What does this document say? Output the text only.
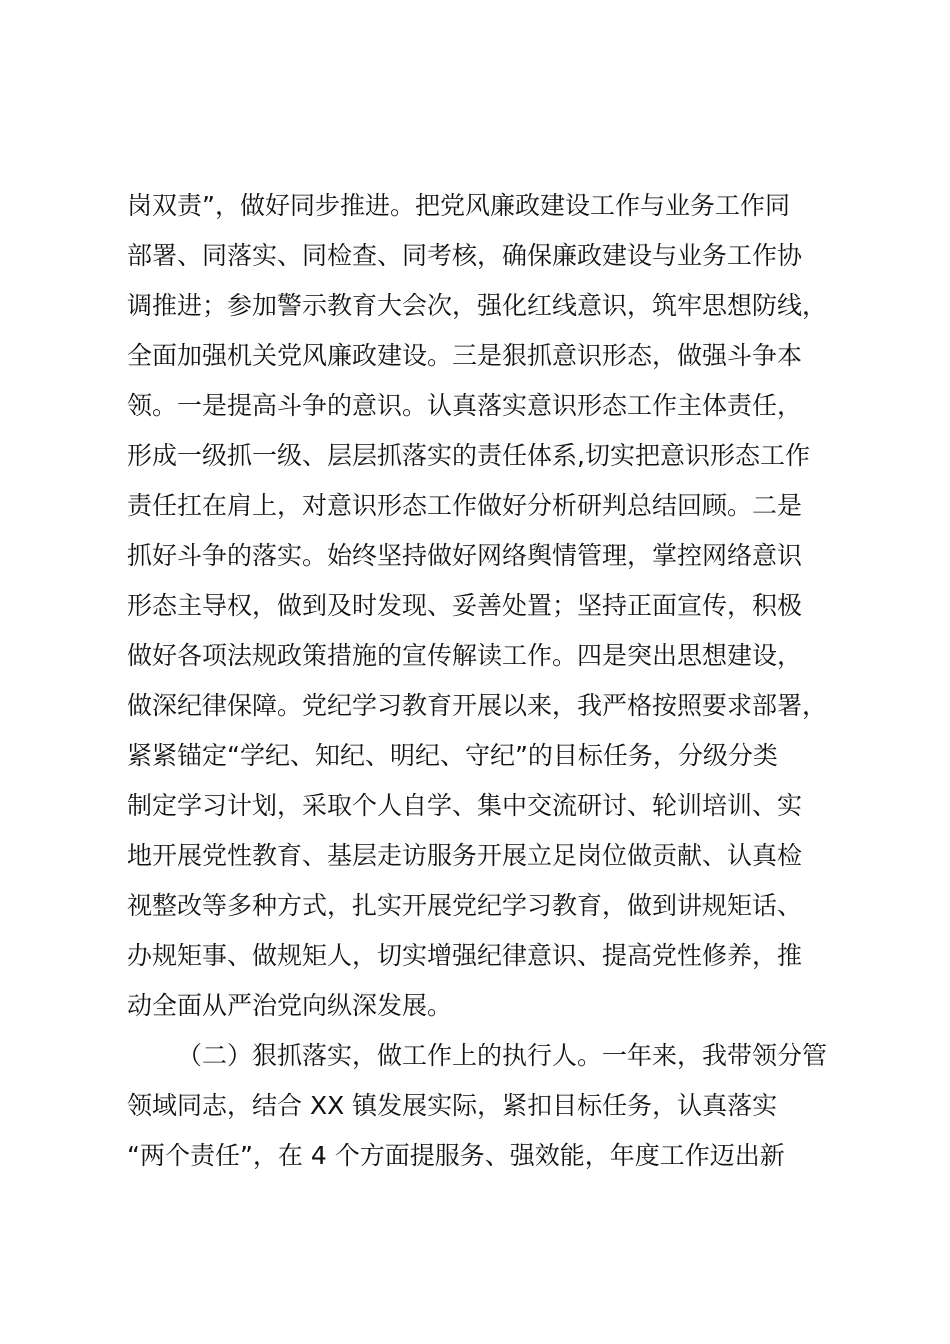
岗双责”，做好同步推进。把党风廉政建设工作与业务工作同
部署、同落实、同检查、同考核，确保廉政建设与业务工作协
调推进；参加警示教育大会次，强化红线意识，筑牢思想防线，
全面加强机关党风廉政建设。三是狠抓意识形态，做强斗争本
领。一是提高斗争的意识。认真落实意识形态工作主体责任，
形成一级抓一级、层层抓落实的责任体系,切实把意识形态工作
责任扛在肩上，对意识形态工作做好分析研判总结回顾。二是
抓好斗争的落实。始终坚持做好网络舆情管理，掌控网络意识
形态主导权，做到及时发现、妥善处置；坚持正面宣传，积极
做好各项法规政策措施的宣传解读工作。四是突出思想建设，
做深纪律保障。党纪学习教育开展以来，我严格按照要求部署，
紧紧锚定“学纪、知纪、明纪、守纪”的目标任务，分级分类
制定学习计划，采取个人自学、集中交流研讨、轮训培训、实
地开展党性教育、基层走访服务开展立足岗位做贡献、认真检
视整改等多种方式，扎实开展党纪学习教育，做到讲规矩话、
办规矩事、做规矩人，切实增强纪律意识、提高党性修养，推
动全面从严治党向纵深发展。
（二）狠抓落实，做工作上的执行人。一年来，我带领分管
领域同志，结合 XX 镇发展实际，紧扣目标任务，认真落实
“两个责任”，在 4 个方面提服务、强效能，年度工作迈出新
